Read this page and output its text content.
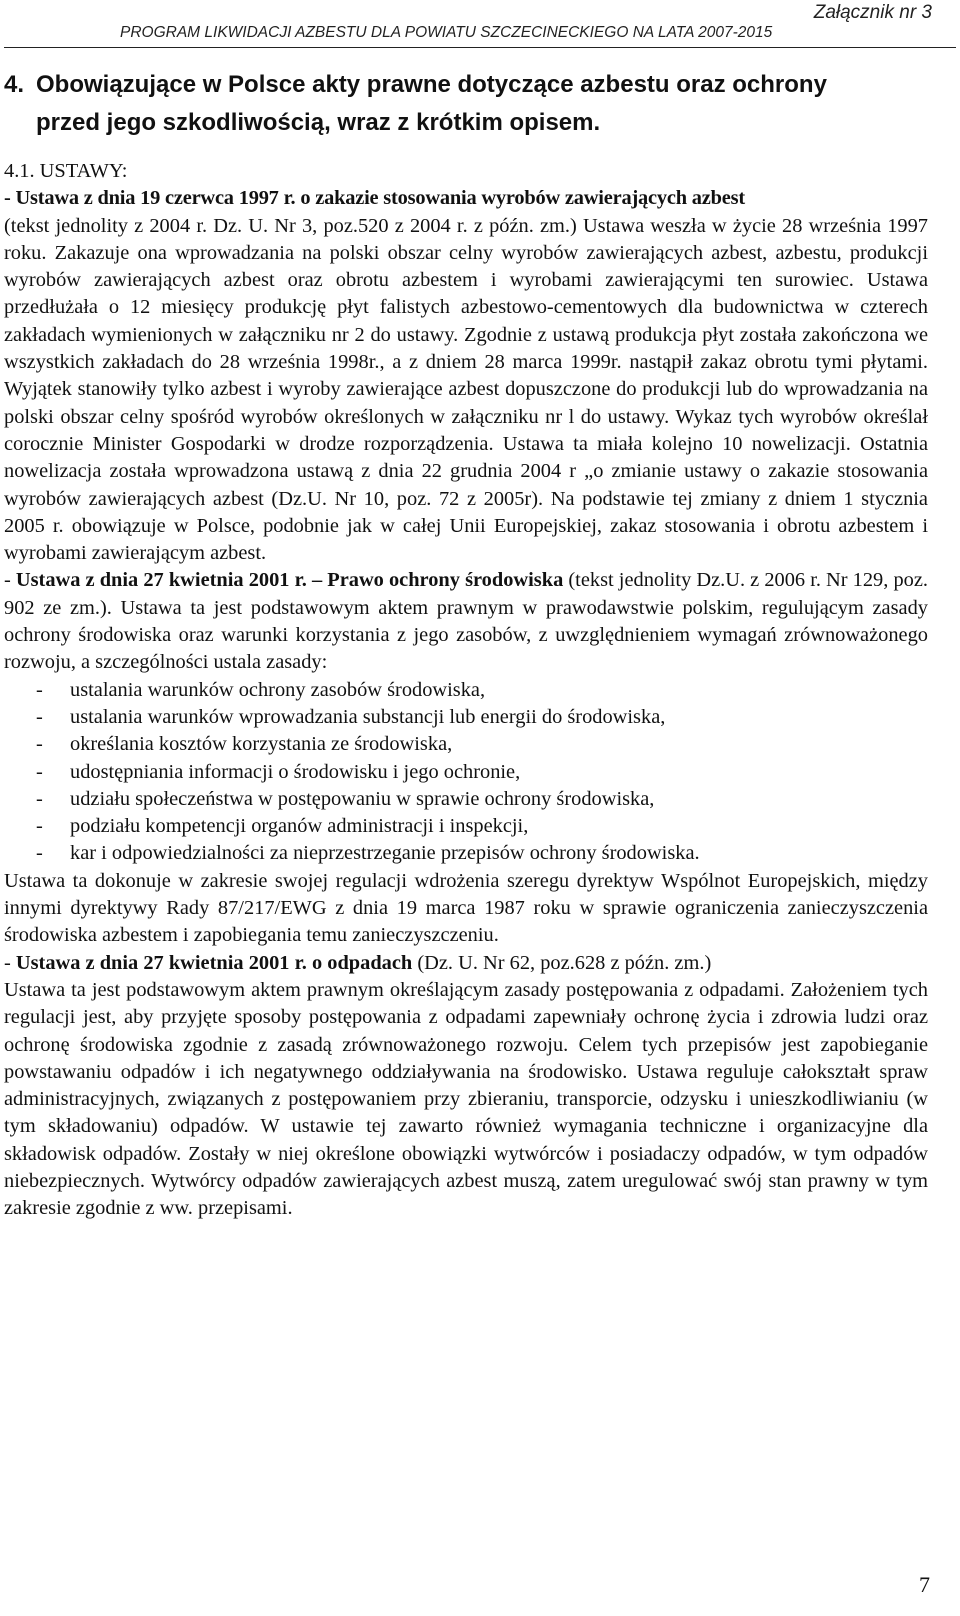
Załącznik nr 3
PROGRAM LIKWIDACJI AZBESTU DLA POWIATU SZCZECINECKIEGO NA LATA 2007-2015
4. Obowiązujące w Polsce akty prawne dotyczące azbestu oraz ochrony
przed jego szkodliwością, wraz z krótkim opisem.

4.1. USTAWY:

- Ustawa z dnia 19 czerwca 1997 r. o zakazie stosowania wyrobów zawierających azbest

(tekst jednolity z 2004 r. Dz. U. Nr 3, poz.520 z 2004 r. z późn. zm.) Ustawa weszła w życie 28 września 1997 roku. Zakazuje ona wprowadzania na polski obszar celny wyrobów zawierających azbest, azbestu, produkcji wyrobów zawierających azbest oraz obrotu azbestem i wyrobami zawierającymi ten surowiec. Ustawa przedłużała o 12 miesięcy produkcję płyt falistych azbestowo-cementowych dla budownictwa w czterech zakładach wymienionych w załączniku nr 2 do ustawy. Zgodnie z ustawą produkcja płyt została zakończona we wszystkich zakładach do 28 września 1998r., a z dniem 28 marca 1999r. nastąpił zakaz obrotu tymi płytami. Wyjątek stanowiły tylko azbest i wyroby zawierające azbest dopuszczone do produkcji lub do wprowadzania na polski obszar celny spośród wyrobów określonych w załączniku nr l do ustawy. Wykaz tych wyrobów określał corocznie Minister Gospodarki w drodze rozporządzenia. Ustawa ta miała kolejno 10 nowelizacji. Ostatnia nowelizacja została wprowadzona ustawą z dnia 22 grudnia 2004 r „o zmianie ustawy o zakazie stosowania wyrobów zawierających azbest (Dz.U. Nr 10, poz. 72 z 2005r). Na podstawie tej zmiany z dniem 1 stycznia 2005 r. obowiązuje w Polsce, podobnie jak w całej Unii Europejskiej, zakaz stosowania i obrotu azbestem i wyrobami zawierającym azbest.

- Ustawa z dnia 27 kwietnia 2001 r. – Prawo ochrony środowiska (tekst jednolity Dz.U. z 2006 r. Nr 129, poz. 902 ze zm.). Ustawa ta jest podstawowym aktem prawnym w prawodawstwie polskim, regulującym zasady ochrony środowiska oraz warunki korzystania z jego zasobów, z uwzględnieniem wymagań zrównoważonego rozwoju, a szczególności ustala zasady:

- ustalania warunków ochrony zasobów środowiska,
- ustalania warunków wprowadzania substancji lub energii do środowiska,
- określania kosztów korzystania ze środowiska,
- udostępniania informacji o środowisku i jego ochronie,
- udziału społeczeństwa w postępowaniu w sprawie ochrony środowiska,
- podziału kompetencji organów administracji i inspekcji,
- kar i odpowiedzialności za nieprzestrzeganie przepisów ochrony środowiska.

Ustawa ta dokonuje w zakresie swojej regulacji wdrożenia szeregu dyrektyw Wspólnot Europejskich, między innymi dyrektywy Rady 87/217/EWG z dnia 19 marca 1987 roku w sprawie ograniczenia zanieczyszczenia środowiska azbestem i zapobiegania temu zanieczyszczeniu.

- Ustawa z dnia 27 kwietnia 2001 r. o odpadach (Dz. U. Nr 62, poz.628 z późn. zm.)

Ustawa ta jest podstawowym aktem prawnym określającym zasady postępowania z odpadami. Założeniem tych regulacji jest, aby przyjęte sposoby postępowania z odpadami zapewniały ochronę życia i zdrowia ludzi oraz ochronę środowiska zgodnie z zasadą zrównoważonego rozwoju. Celem tych przepisów jest zapobieganie powstawaniu odpadów i ich negatywnego oddziaływania na środowisko. Ustawa reguluje całokształt spraw administracyjnych, związanych z postępowaniem przy zbieraniu, transporcie, odzysku i unieszkodliwianiu (w tym składowaniu) odpadów. W ustawie tej zawarto również wymagania techniczne i organizacyjne dla składowisk odpadów. Zostały w niej określone obowiązki wytwórców i posiadaczy odpadów, w tym odpadów niebezpiecznych. Wytwórcy odpadów zawierających azbest muszą, zatem uregulować swój stan prawny w tym zakresie zgodnie z ww. przepisami.

7
